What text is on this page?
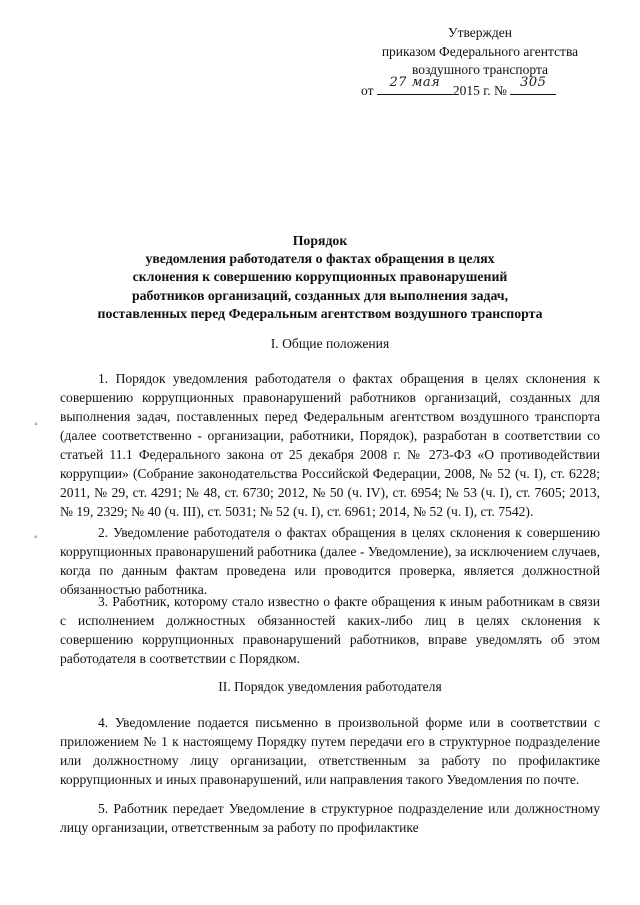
Утвержден
приказом Федерального агентства
воздушного транспорта
от	27 мая 2015 г. №	305
Порядок
уведомления работодателя о фактах обращения в целях
склонения к совершению коррупционных правонарушений
работников организаций, созданных для выполнения задач,
поставленных перед Федеральным агентством воздушного транспорта
I. Общие положения
1. Порядок уведомления работодателя о фактах обращения в целях склонения к совершению коррупционных правонарушений работников организаций, созданных для выполнения задач, поставленных перед Федеральным агентством воздушного транспорта (далее соответственно - организации, работники, Порядок), разработан в соответствии со статьей 11.1 Федерального закона от 25 декабря 2008 г. № 273-ФЗ «О противодействии коррупции» (Собрание законодательства Российской Федерации, 2008, № 52 (ч. I), ст. 6228; 2011, № 29, ст. 4291; № 48, ст. 6730; 2012, № 50 (ч. IV), ст. 6954; № 53 (ч. I), ст. 7605; 2013, № 19, 2329; № 40 (ч. III), ст. 5031; № 52 (ч. I), ст. 6961; 2014, № 52 (ч. I), ст. 7542).
2. Уведомление работодателя о фактах обращения в целях склонения к совершению коррупционных правонарушений работника (далее - Уведомление), за исключением случаев, когда по данным фактам проведена или проводится проверка, является должностной обязанностью работника.
3. Работник, которому стало известно о факте обращения к иным работникам в связи с исполнением должностных обязанностей каких-либо лиц в целях склонения к совершению коррупционных правонарушений работников, вправе уведомлять об этом работодателя в соответствии с Порядком.
II. Порядок уведомления работодателя
4. Уведомление подается письменно в произвольной форме или в соответствии с приложением № 1 к настоящему Порядку путем передачи его в структурное подразделение или должностному лицу организации, ответственным за работу по профилактике коррупционных и иных правонарушений, или направления такого Уведомления по почте.
5. Работник передает Уведомление в структурное подразделение или должностному лицу организации, ответственным за работу по профилактике
◦
◦
